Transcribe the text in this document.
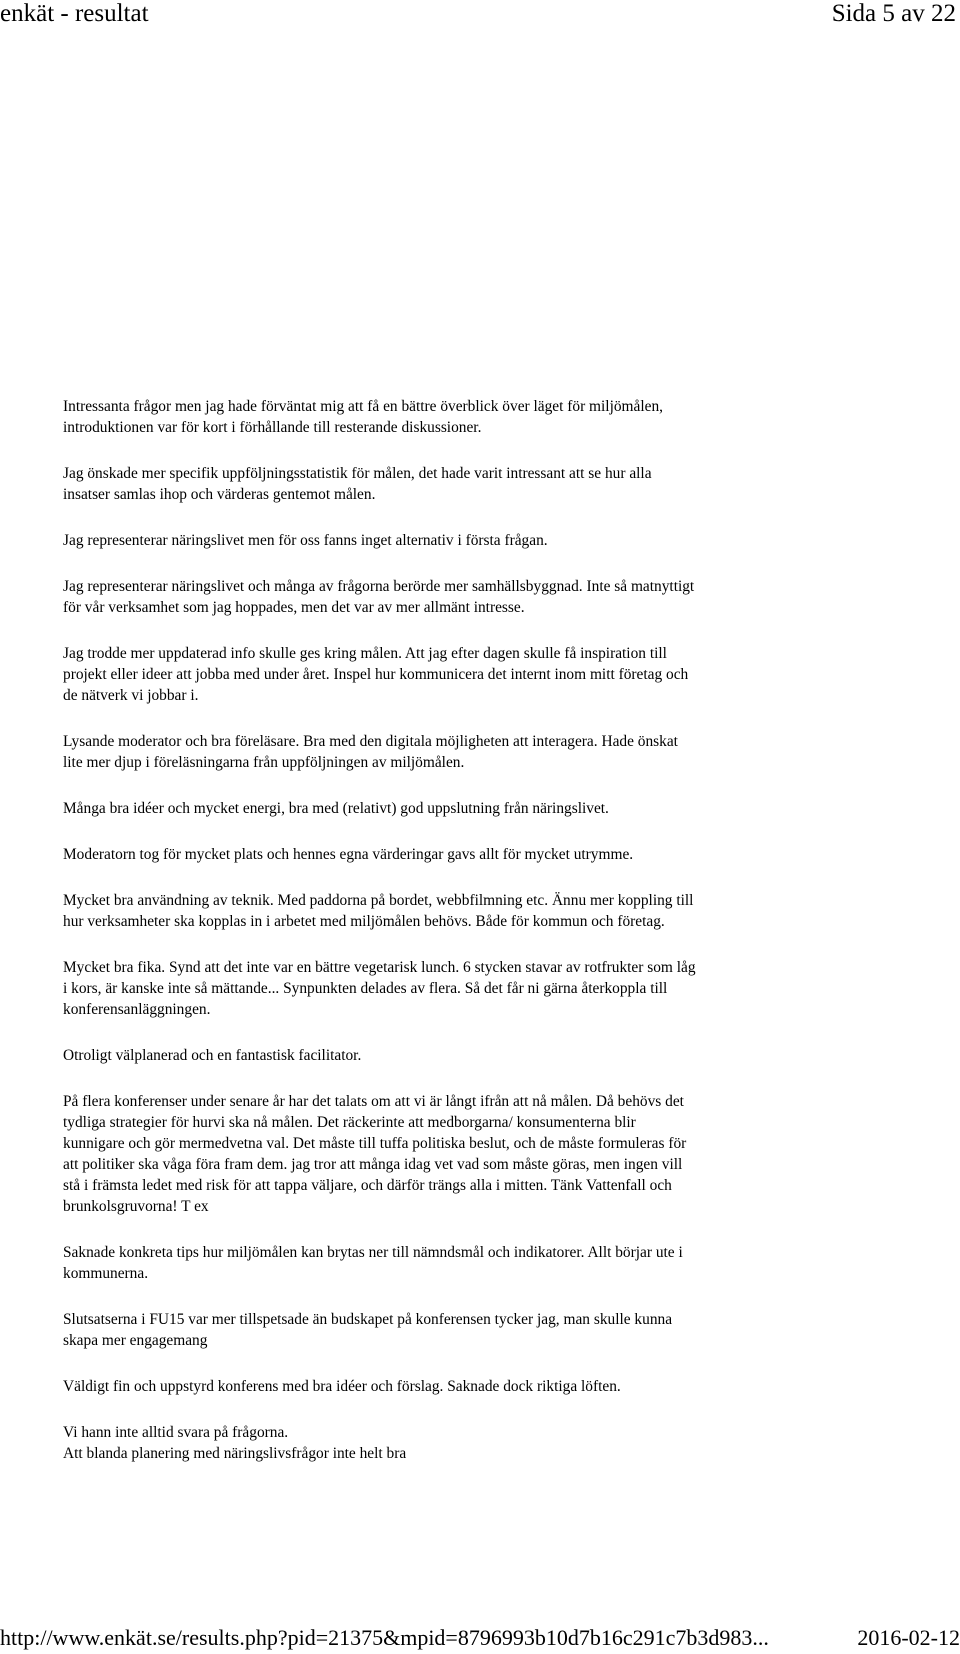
enkät - resultat	Sida 5 av 22

Intressanta frågor men jag hade förväntat mig att få en bättre överblick över läget för miljömålen,
introduktionen var för kort i förhållande till resterande diskussioner.

Jag önskade mer specifik uppföljningsstatistik för målen, det hade varit intressant att se hur alla
insatser samlas ihop och värderas gentemot målen.

Jag representerar näringslivet men för oss fanns inget alternativ i första frågan.

Jag representerar näringslivet och många av frågorna berörde mer samhällsbyggnad. Inte så matnyttigt
för vår verksamhet som jag hoppades, men det var av mer allmänt intresse.

Jag trodde mer uppdaterad info skulle ges kring målen. Att jag efter dagen skulle få inspiration till
projekt eller ideer att jobba med under året. Inspel hur kommunicera det internt inom mitt företag och
de nätverk vi jobbar i.

Lysande moderator och bra föreläsare. Bra med den digitala möjligheten att interagera. Hade önskat
lite mer djup i föreläsningarna från uppföljningen av miljömålen.

Många bra idéer och mycket energi, bra med (relativt) god uppslutning från näringslivet.

Moderatorn tog för mycket plats och hennes egna värderingar gavs allt för mycket utrymme.

Mycket bra användning av teknik. Med paddorna på bordet, webbfilmning etc. Ännu mer koppling till
hur verksamheter ska kopplas in i arbetet med miljömålen behövs. Både för kommun och företag.

Mycket bra fika. Synd att det inte var en bättre vegetarisk lunch. 6 stycken stavar av rotfrukter som låg
i kors, är kanske inte så mättande... Synpunkten delades av flera. Så det får ni gärna återkoppla till
konferensanläggningen.

Otroligt välplanerad och en fantastisk facilitator.

På flera konferenser under senare år har det talats om att vi är långt ifrån att nå målen. Då behövs det
tydliga strategier för hurvi ska nå målen. Det räckerinte att medborgarna/ konsumenterna blir
kunnigare och gör mermedvetna val. Det måste till tuffa politiska beslut, och de måste formuleras för
att politiker ska våga föra fram dem. jag tror att många idag vet vad som måste göras, men ingen vill
stå i främsta ledet med risk för att tappa väljare, och därför trängs alla i mitten. Tänk Vattenfall och
brunkolsgruvorna! T ex

Saknade konkreta tips hur miljömålen kan brytas ner till nämndsmål och indikatorer. Allt börjar ute i
kommunerna.

Slutsatserna i FU15 var mer tillspetsade än budskapet på konferensen tycker jag, man skulle kunna
skapa mer engagemang

Väldigt fin och uppstyrd konferens med bra idéer och förslag. Saknade dock riktiga löften.

Vi hann inte alltid svara på frågorna.
Att blanda planering med näringslivsfrågor inte helt bra

http://www.enkät.se/results.php?pid=21375&mpid=8796993b10d7b16c291c7b3d983...	2016-02-12
